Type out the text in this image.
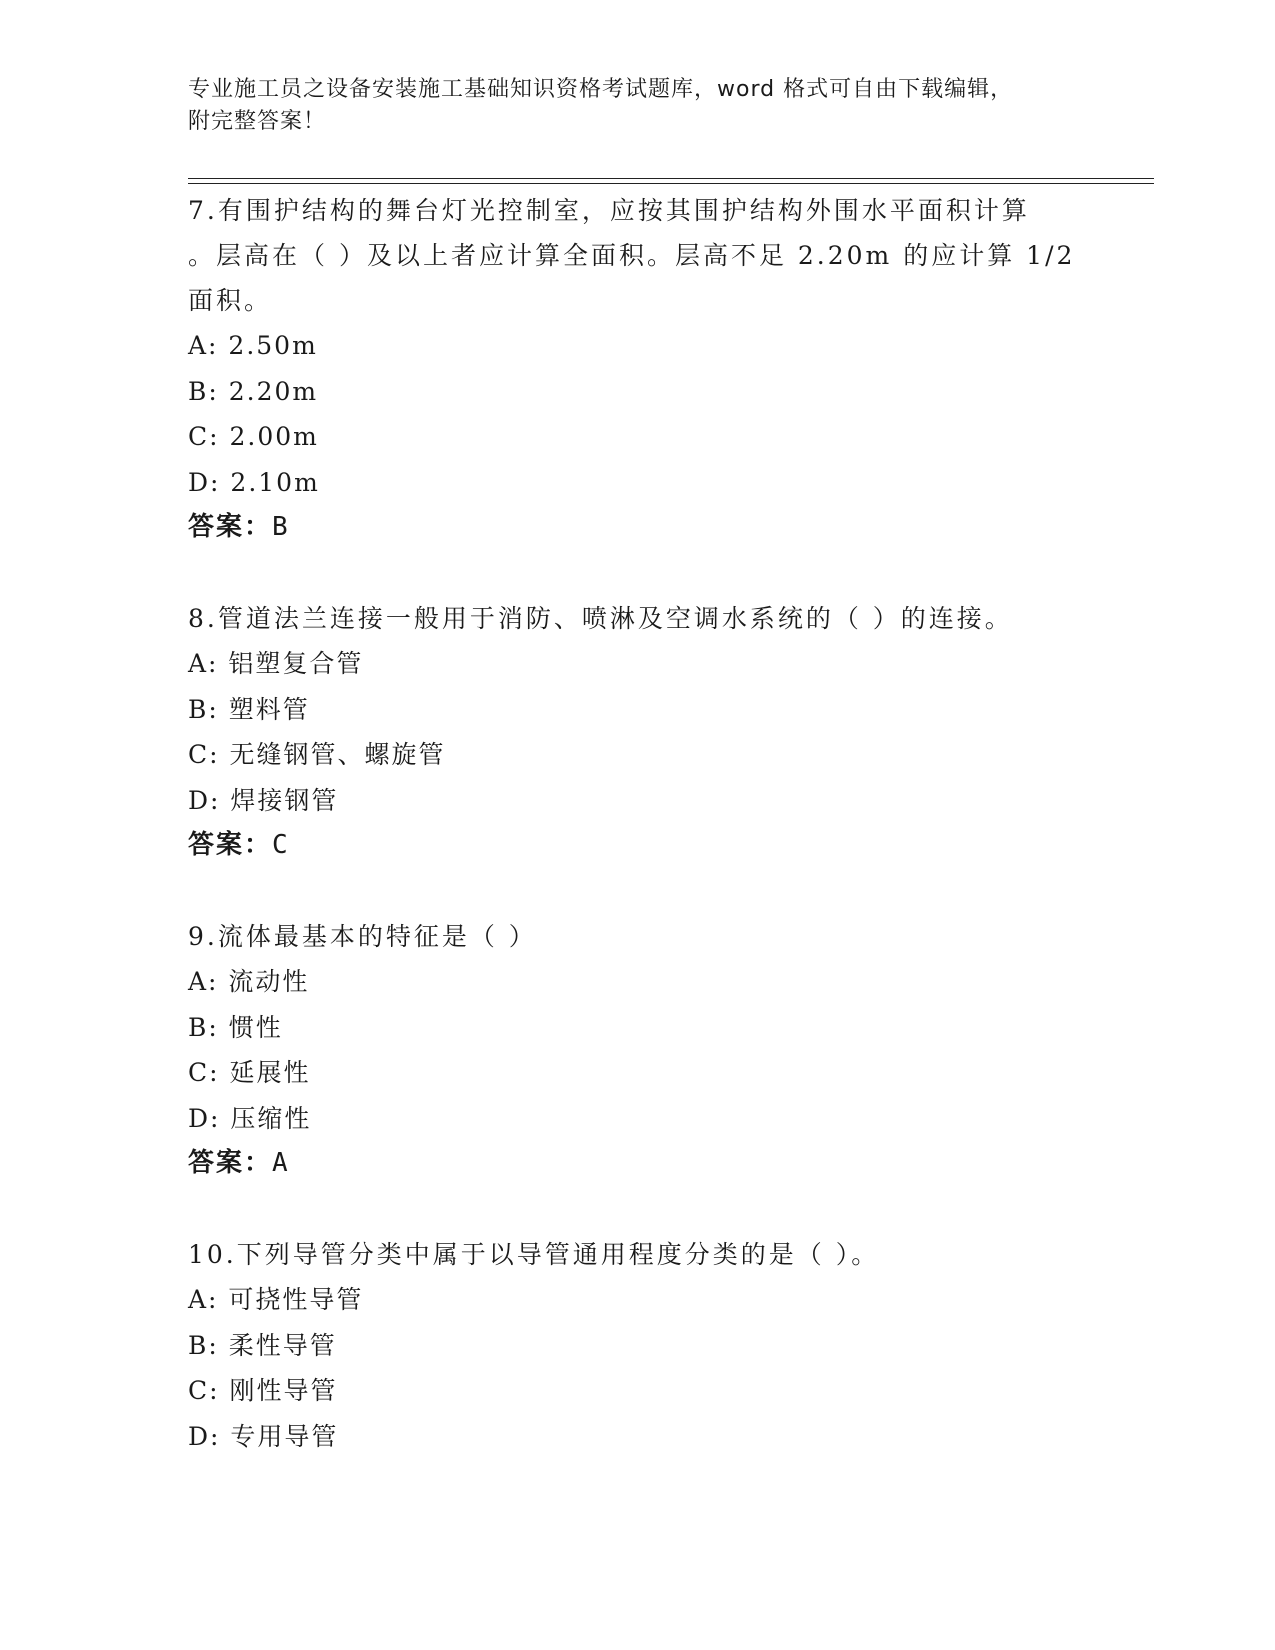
专业施工员之设备安装施工基础知识资格考试题库，word 格式可自由下载编辑，
附完整答案！

7.有围护结构的舞台灯光控制室，应按其围护结构外围水平面积计算

。层高在（ ）及以上者应计算全面积。层高不足 2.20m 的应计算 1/2

面积。

A: 2.50m

B: 2.20m

C: 2.00m

D: 2.10m

答案：B

8.管道法兰连接一般用于消防、喷淋及空调水系统的（ ）的连接。

A: 铝塑复合管

B: 塑料管

C: 无缝钢管、螺旋管

D: 焊接钢管

答案：C

9.流体最基本的特征是（ ）

A: 流动性

B: 惯性

C: 延展性

D: 压缩性

答案：A

10.下列导管分类中属于以导管通用程度分类的是（ ）。

A: 可挠性导管

B: 柔性导管

C: 刚性导管

D: 专用导管
